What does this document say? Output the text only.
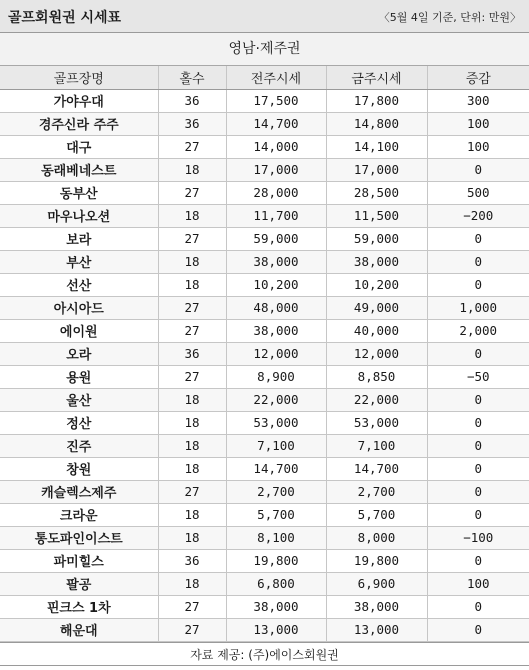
골프회원권 시세표	〈5월 4일 기준, 단위: 만원〉
영남·제주권
골프장명	홀수	전주시세	금주시세	증감
가야우대	36	17,500	17,800	300
경주신라 주주	36	14,700	14,800	100
대구	27	14,000	14,100	100
동래베네스트	18	17,000	17,000	0
동부산	27	28,000	28,500	500
마우나오션	18	11,700	11,500	−200
보라	27	59,000	59,000	0
부산	18	38,000	38,000	0
선산	18	10,200	10,200	0
아시아드	27	48,000	49,000	1,000
에이원	27	38,000	40,000	2,000
오라	36	12,000	12,000	0
용원	27	8,900	8,850	−50
울산	18	22,000	22,000	0
정산	18	53,000	53,000	0
진주	18	7,100	7,100	0
창원	18	14,700	14,700	0
캐슬렉스제주	27	2,700	2,700	0
크라운	18	5,700	5,700	0
통도파인이스트	18	8,100	8,000	−100
파미힐스	36	19,800	19,800	0
팔공	18	6,800	6,900	100
핀크스 1차	27	38,000	38,000	0
해운대	27	13,000	13,000	0
자료 제공: (주)에이스회원권
